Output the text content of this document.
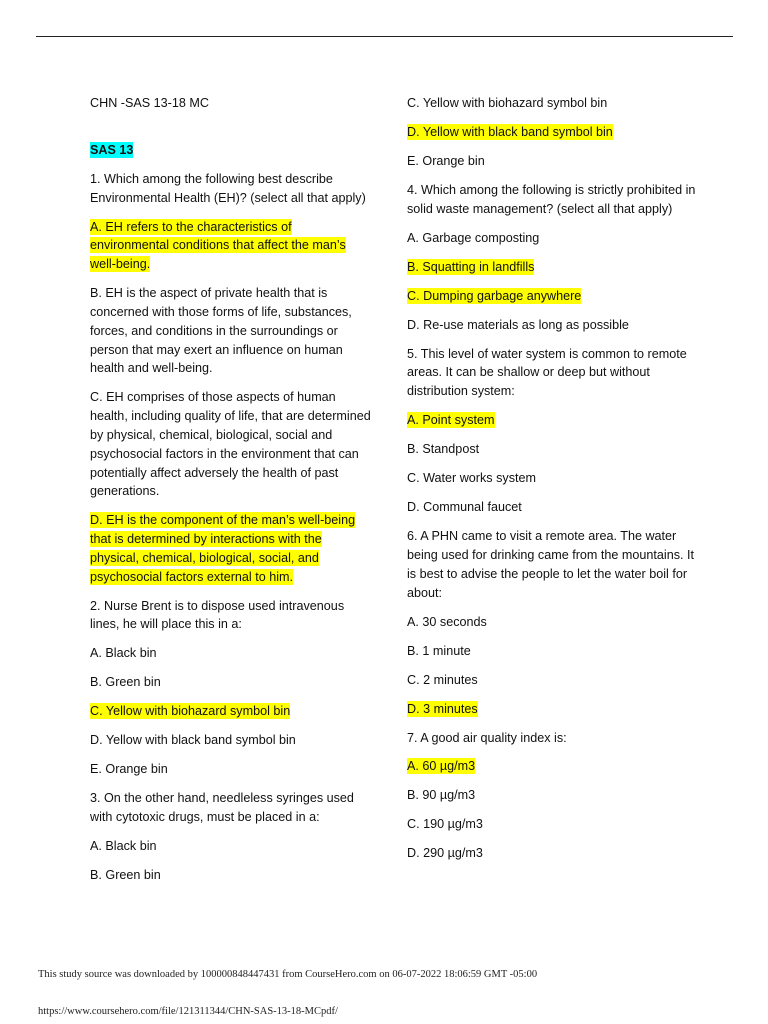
CHN -SAS 13-18 MC

SAS 13

1. Which among the following best describe Environmental Health (EH)? (select all that apply)

A. EH refers to the characteristics of environmental conditions that affect the man’s well-being.

B. EH is the aspect of private health that is concerned with those forms of life, substances, forces, and conditions in the surroundings or person that may exert an influence on human health and well-being.

C. EH comprises of those aspects of human health, including quality of life, that are determined by physical, chemical, biological, social and psychosocial factors in the environment that can potentially affect adversely the health of past generations.

D. EH is the component of the man’s well-being that is determined by interactions with the physical, chemical, biological, social, and psychosocial factors external to him.

2. Nurse Brent is to dispose used intravenous lines, he will place this in a:

A. Black bin

B. Green bin

C. Yellow with biohazard symbol bin

D. Yellow with black band symbol bin

E. Orange bin

3. On the other hand, needleless syringes used with cytotoxic drugs, must be placed in a:

A. Black bin

B. Green bin

C. Yellow with biohazard symbol bin

D. Yellow with black band symbol bin

E. Orange bin

4. Which among the following is strictly prohibited in solid waste management? (select all that apply)

A. Garbage composting

B. Squatting in landfills

C. Dumping garbage anywhere

D. Re-use materials as long as possible

5. This level of water system is common to remote areas. It can be shallow or deep but without distribution system:

A. Point system

B. Standpost

C. Water works system

D. Communal faucet

6. A PHN came to visit a remote area. The water being used for drinking came from the mountains. It is best to advise the people to let the water boil for about:

A. 30 seconds

B. 1 minute

C. 2 minutes

D. 3 minutes

7. A good air quality index is:

A. 60 µg/m3

B. 90 µg/m3

C. 190 µg/m3

D. 290 µg/m3

This study source was downloaded by 100000848447431 from CourseHero.com on 06-07-2022 18:06:59 GMT -05:00
https://www.coursehero.com/file/121311344/CHN-SAS-13-18-MCpdf/
